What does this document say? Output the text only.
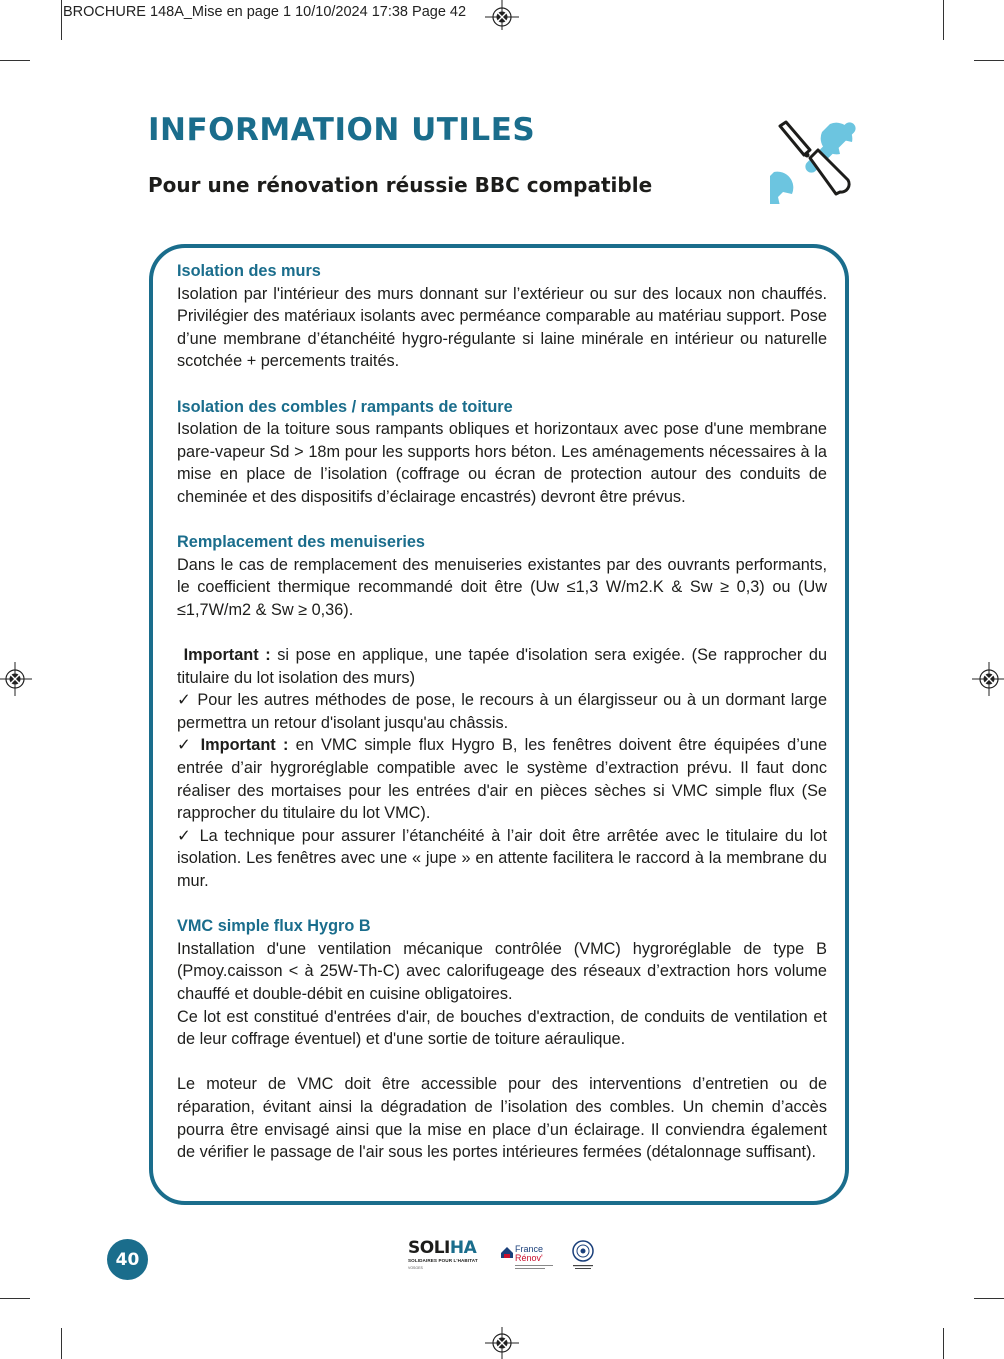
BROCHURE 148A_Mise en page 1 10/10/2024 17:38 Page 42
INFORMATION UTILES
Pour une rénovation réussie BBC compatible

Isolation des murs

Isolation par l'intérieur des murs donnant sur l’extérieur ou sur des locaux non chauffés. Privilégier des matériaux isolants avec perméance comparable au matériau support. Pose d’une membrane d’étanchéité hygro-régulante si laine minérale en intérieur ou naturelle scotchée + percements traités.

Isolation des combles / rampants de toiture

Isolation de la toiture sous rampants obliques et horizontaux avec pose d'une membrane pare-vapeur Sd > 18m pour les supports hors béton. Les aménagements nécessaires à la mise en place de l’isolation (coffrage ou écran de protection autour des conduits de cheminée et des dispositifs d’éclairage encastrés) devront être prévus.

Remplacement des menuiseries

Dans le cas de remplacement des menuiseries existantes par des ouvrants performants, le coefficient thermique recommandé doit être (Uw ≤1,3 W/m2.K & Sw ≥ 0,3) ou (Uw ≤1,7W/m2 & Sw ≥ 0,36).

Important : si pose en applique, une tapée d'isolation sera exigée. (Se rapprocher du titulaire du lot isolation des murs)

✓ Pour les autres méthodes de pose, le recours à un élargisseur ou à un dormant large permettra un retour d'isolant jusqu'au châssis.

✓ Important : en VMC simple flux Hygro B, les fenêtres doivent être équipées d’une entrée d’air hygroréglable compatible avec le système d’extraction prévu. Il faut donc réaliser des mortaises pour les entrées d'air en pièces sèches si VMC simple flux (Se rapprocher du titulaire du lot VMC).

✓ La technique pour assurer l’étanchéité à l’air doit être arrêtée avec le titulaire du lot isolation. Les fenêtres avec une « jupe » en attente facilitera le raccord à la membrane du mur.

VMC simple flux Hygro B

Installation d'une ventilation mécanique contrôlée (VMC) hygroréglable de type B (Pmoy.caisson < à 25W-Th-C) avec calorifugeage des réseaux d’extraction hors volume chauffé et double-débit en cuisine obligatoires.

Ce lot est constitué d'entrées d'air, de bouches d'extraction, de conduits de ventilation et de leur coffrage éventuel) et d'une sortie de toiture aéraulique.

Le moteur de VMC doit être accessible pour des interventions d’entretien ou de réparation, évitant ainsi la dégradation de l’isolation des combles. Un chemin d’accès pourra être envisagé ainsi que la mise en place d’un éclairage. Il conviendra également de vérifier le passage de l'air sous les portes intérieures fermées (détalonnage suffisant).

40
SOLIHA
SOLIDAIRES POUR L'HABITAT
VOSGES
France
Rénov'
